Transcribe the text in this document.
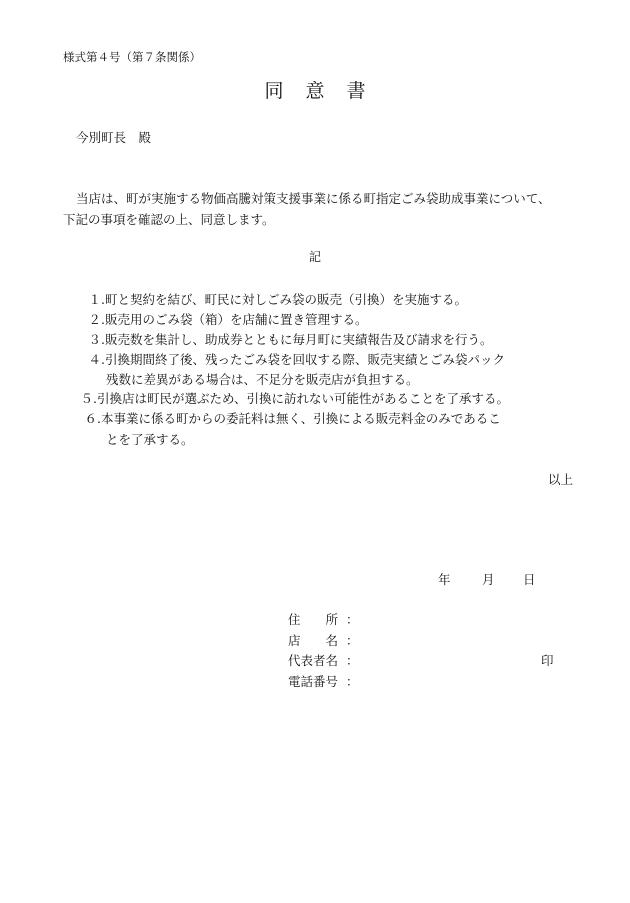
様式第４号（第７条関係）
同意書
今別町長　殿
当店は、町が実施する物価高騰対策支援事業に係る町指定ごみ袋助成事業について、
下記の事項を確認の上、同意します。
記
１.町と契約を結び、町民に対しごみ袋の販売（引換）を実施する。
２.販売用のごみ袋（箱）を店舗に置き管理する。
３.販売数を集計し、助成券とともに毎月町に実績報告及び請求を行う。
４.引換期間終了後、残ったごみ袋を回収する際、販売実績とごみ袋パック
残数に差異がある場合は、不足分を販売店が負担する。
５.引換店は町民が選ぶため、引換に訪れない可能性があることを了承する。
６.本事業に係る町からの委託料は無く、引換による販売料金のみであるこ
とを了承する。
以上
年	月 日
住　　所 ：
店　　名 ：
代表者名 ：	印
電話番号 ：
